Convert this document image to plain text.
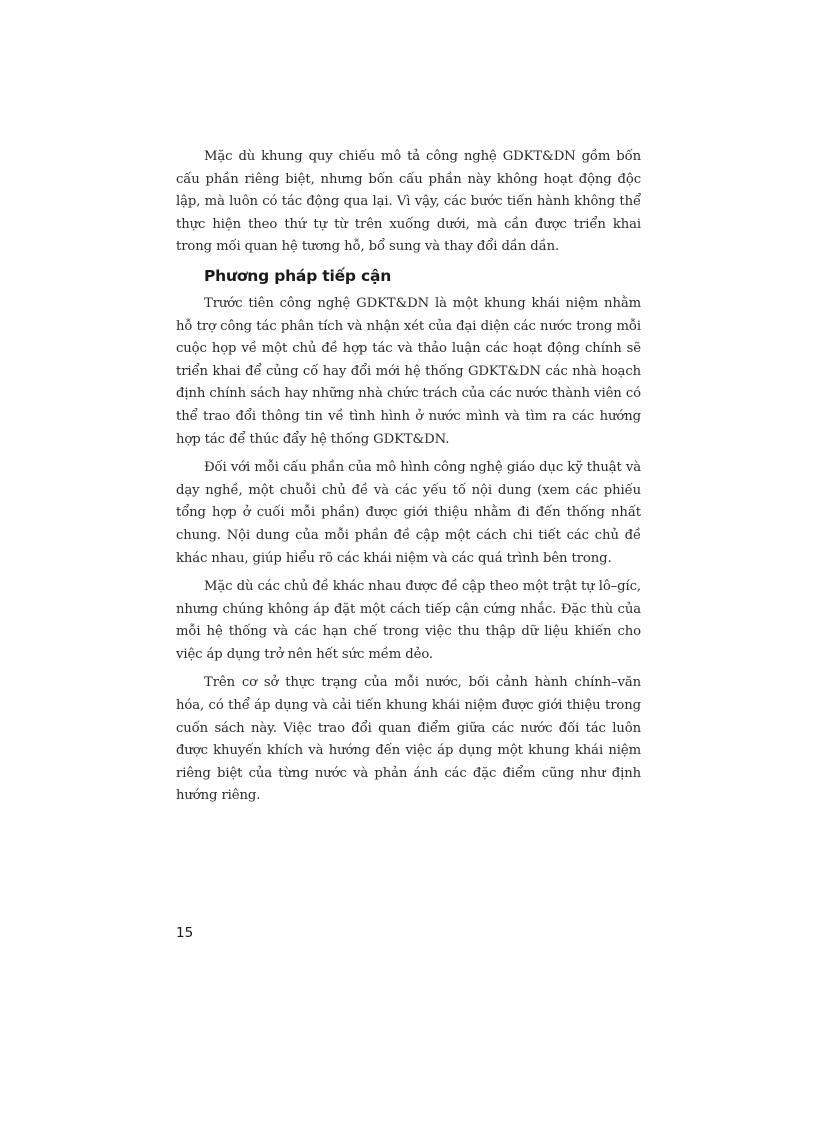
Mặc dù khung quy chiếu mô tả công nghệ GDKT&DN gồm bốn cấu phần riêng biệt, nhưng bốn cấu phần này không hoạt động độc lập, mà luôn có tác động qua lại. Vì vậy, các bước tiến hành không thể thực hiện theo thứ tự từ trên xuống dưới, mà cần được triển khai trong mối quan hệ tương hỗ, bổ sung và thay đổi dần dần.

Phương pháp tiếp cận

Trước tiên công nghệ GDKT&DN là một khung khái niệm nhằm hỗ trợ công tác phân tích và nhận xét của đại diện các nước trong mỗi cuộc họp về một chủ đề hợp tác và thảo luận các hoạt động chính sẽ triển khai để củng cố hay đổi mới hệ thống GDKT&DN các nhà hoạch định chính sách hay những nhà chức trách của các nước thành viên có thể trao đổi thông tin về tình hình ở nước mình và tìm ra các hướng hợp tác để thúc đẩy hệ thống GDKT&DN.

Đối với mỗi cấu phần của mô hình công nghệ giáo dục kỹ thuật và dạy nghề, một chuỗi chủ đề và các yếu tố nội dung (xem các phiếu tổng hợp ở cuối mỗi phần) được giới thiệu nhằm đi đến thống nhất chung. Nội dung của mỗi phần đề cập một cách chi tiết các chủ đề khác nhau, giúp hiểu rõ các khái niệm và các quá trình bên trong.

Mặc dù các chủ đề khác nhau được đề cập theo một trật tự lô–gíc, nhưng chúng không áp đặt một cách tiếp cận cứng nhắc. Đặc thù của mỗi hệ thống và các hạn chế trong việc thu thập dữ liệu khiến cho việc áp dụng trở nên hết sức mềm dẻo.

Trên cơ sở thực trạng của mỗi nước, bối cảnh hành chính–văn hóa, có thể áp dụng và cải tiến khung khái niệm được giới thiệu trong cuốn sách này. Việc trao đổi quan điểm giữa các nước đối tác luôn được khuyến khích và hướng đến việc áp dụng một khung khái niệm riêng biệt của từng nước và phản ánh các đặc điểm cũng như định hướng riêng.

15
